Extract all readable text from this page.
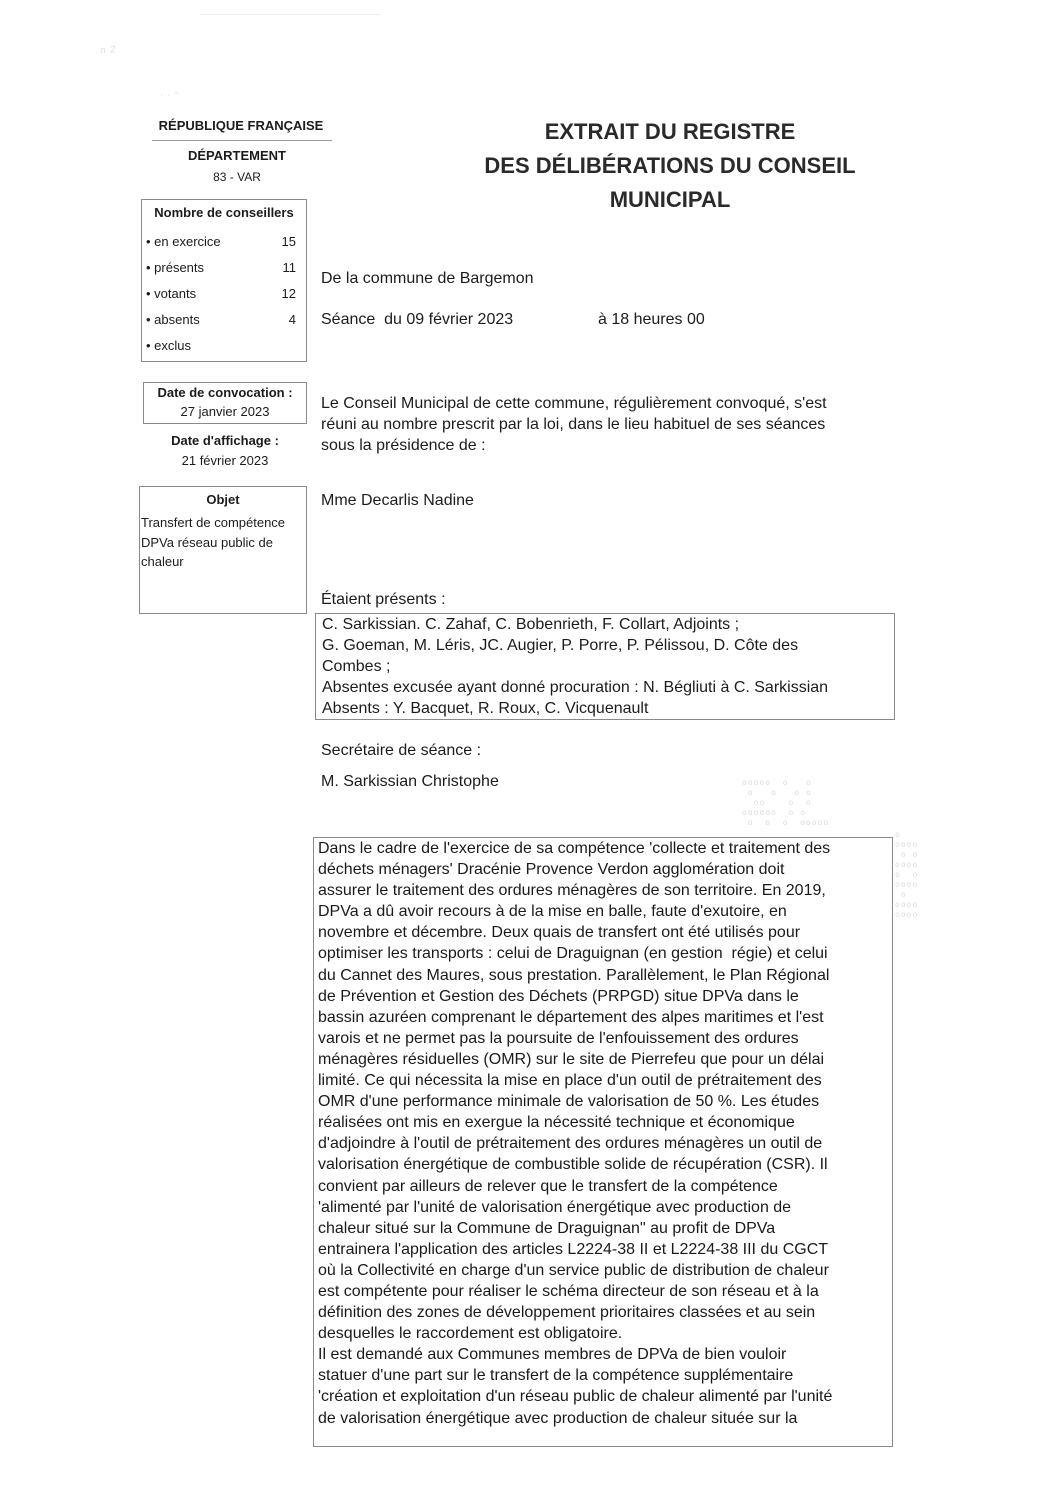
ⁿ ²
· · ⁼
ooooo  o   o
o   o   o o
oo    o  o
oooooo  o o
o  o  o  ooooo
o
oooo
o o
oooo
o  o
oooo
o
oooo
oooo
RÉPUBLIQUE FRANÇAISE
DÉPARTEMENT
83 - VAR
Nombre de conseillers
• en exercice	15
• présents	11
• votants	12
• absents	4
• exclus
Date de convocation :
27 janvier 2023
Date d'affichage :
21 février 2023
Objet
Transfert de compétence
DPVa réseau public de
chaleur
EXTRAIT DU REGISTRE
DES DÉLIBÉRATIONS DU CONSEIL
MUNICIPAL
De la commune de Bargemon
Séance  du 09 février 2023	à 18 heures 00
Le Conseil Municipal de cette commune, régulièrement convoqué, s'est
réuni au nombre prescrit par la loi, dans le lieu habituel de ses séances
sous la présidence de :
Mme Decarlis Nadine
Étaient présents :
C. Sarkissian. C. Zahaf, C. Bobenrieth, F. Collart, Adjoints ;
G. Goeman, M. Léris, JC. Augier, P. Porre, P. Pélissou, D. Côte des
Combes ;
Absentes excusée ayant donné procuration : N. Bégliuti à C. Sarkissian
Absents : Y. Bacquet, R. Roux, C. Vicquenault
Secrétaire de séance :
M. Sarkissian Christophe

Dans le cadre de l'exercice de sa compétence 'collecte et traitement des

déchets ménagers' Dracénie Provence Verdon agglomération doit

assurer le traitement des ordures ménagères de son territoire. En 2019,

DPVa a dû avoir recours à de la mise en balle, faute d'exutoire, en

novembre et décembre. Deux quais de transfert ont été utilisés pour

optimiser les transports : celui de Draguignan (en gestion  régie) et celui

du Cannet des Maures, sous prestation. Parallèlement, le Plan Régional

de Prévention et Gestion des Déchets (PRPGD) situe DPVa dans le

bassin azuréen comprenant le département des alpes maritimes et l'est

varois et ne permet pas la poursuite de l'enfouissement des ordures

ménagères résiduelles (OMR) sur le site de Pierrefeu que pour un délai

limité. Ce qui nécessita la mise en place d'un outil de prétraitement des

OMR d'une performance minimale de valorisation de 50 %. Les études

réalisées ont mis en exergue la nécessité technique et économique

d'adjoindre à l'outil de prétraitement des ordures ménagères un outil de

valorisation énergétique de combustible solide de récupération (CSR). Il

convient par ailleurs de relever que le transfert de la compétence

'alimenté par l'unité de valorisation énergétique avec production de

chaleur situé sur la Commune de Draguignan" au profit de DPVa

entrainera l'application des articles L2224-38 II et L2224-38 III du CGCT

où la Collectivité en charge d'un service public de distribution de chaleur

est compétente pour réaliser le schéma directeur de son réseau et à la

définition des zones de développement prioritaires classées et au sein

desquelles le raccordement est obligatoire.

Il est demandé aux Communes membres de DPVa de bien vouloir

statuer d'une part sur le transfert de la compétence supplémentaire

'création et exploitation d'un réseau public de chaleur alimenté par l'unité

de valorisation énergétique avec production de chaleur située sur la
